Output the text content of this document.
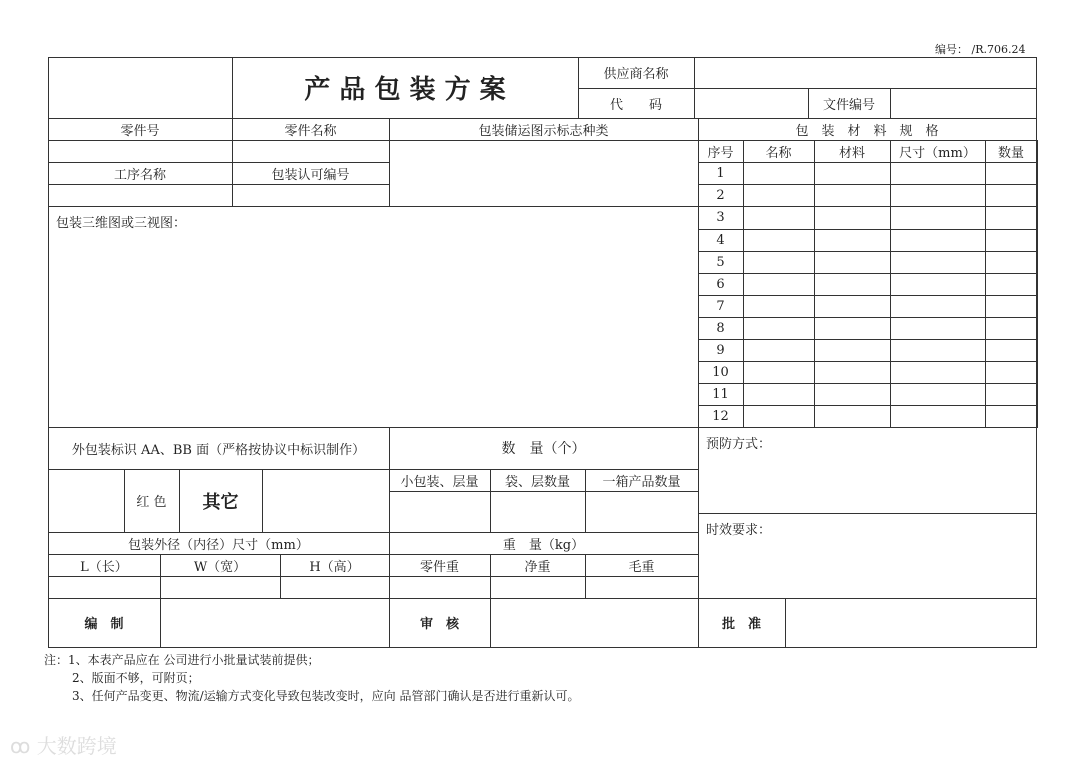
编号： /R.706.24
产 品 包 装 方 案
供应商名称
代　　码	文件编号
零件号	零件名称	包装储运图示标志种类	包　装　材　料　规　格
工序名称	包装认可编号
包装三维图或三视图：
序号	名称	材料	尺寸（mm）	数量
1
2
3
4
5
6
7
8
9
10
11
12
外包装标识 AA、BB 面（严格按协议中标识制作）	数　量（个）	预防方式：
时效要求：
红 色	其它
小包装、层量	袋、层数量	一箱产品数量
包装外径（内径）尺寸（mm）	重　量（kg）
L（长）	W（宽）	H（高）	零件重	净重	毛重
编　制	审　核	批　准
注：1、本表产品应在 公司进行小批量试装前提供；
2、版面不够，可附页；
3、任何产品变更、物流/运输方式变化导致包装改变时，应向 品管部门确认是否进行重新认可。
ꝏ 大数跨境
